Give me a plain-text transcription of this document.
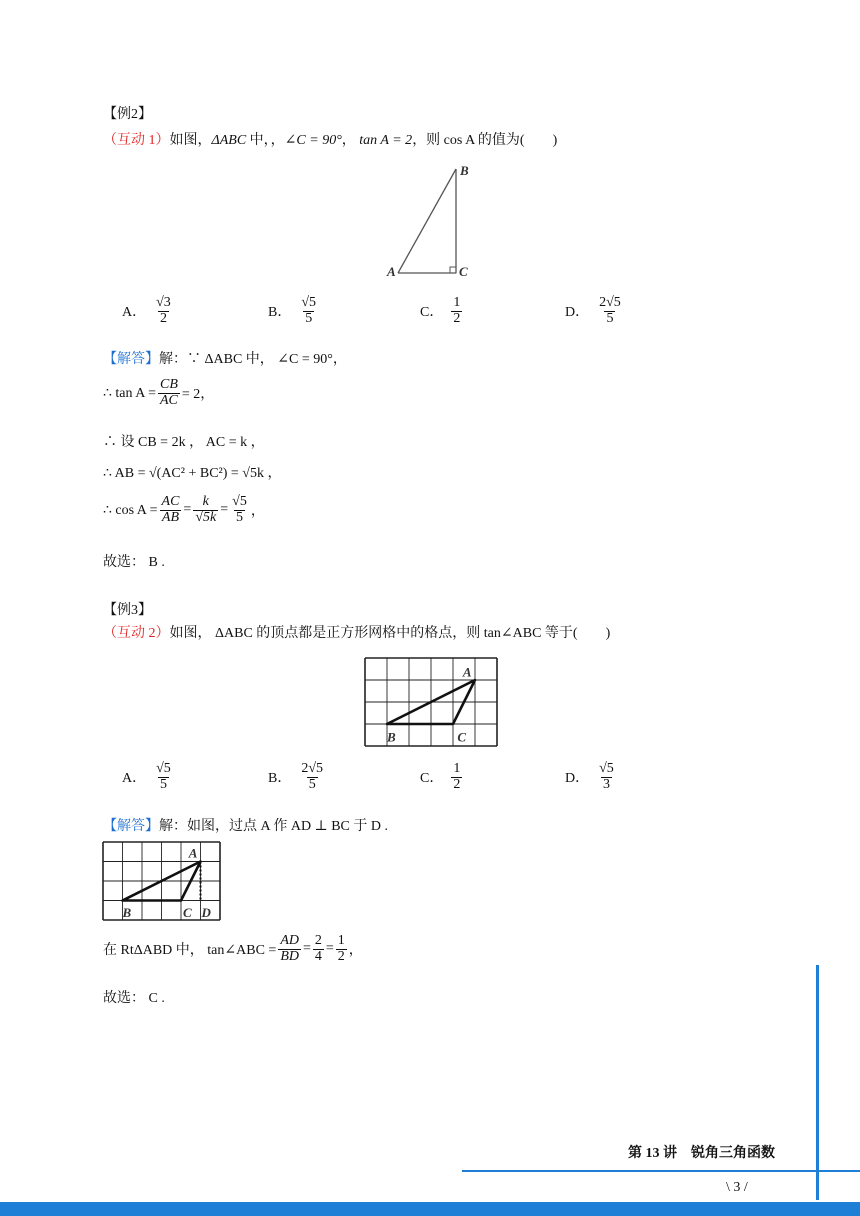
【例2】
（互动 1）如图，ΔABC 中，，∠C = 90°， tan A = 2，则 cos A 的值为(　　)
B
A	C
A． $\frac{√3}{2}$	B． $\frac{√5}{5}$	C． $\frac{1}{2}$	D． $\frac{2√5}{5}$
【解答】解：∵ ΔABC 中， ∠C = 90°，
∴ $\tan A = \frac{CB}{AC} = 2$，
∴ 设 CB = 2k ， AC = k ，
∴ AB = √(AC² + BC²) = √5k ，
∴ $\cos A = \frac{AC}{AB} = \frac{k}{√5k} = \frac{√5}{5}$ ，
故选： B .
【例3】
（互动 2）如图， ΔABC 的顶点都是正方形网格中的格点，则 tan∠ABC 等于(　　)
A
B	C
A． $\frac{√5}{5}$	B． $\frac{2√5}{5}$	C． $\frac{1}{2}$	D． $\frac{√5}{3}$
【解答】解：如图，过点 A 作 AD ⊥ BC 于 D .
A
B	C D
在 RtΔABD 中， tan∠ABC = $\frac{AD}{BD} = \frac{2}{4} = \frac{1}{2}$ ，
故选： C .
第 13 讲　锐角三角函数
\ 3 /
